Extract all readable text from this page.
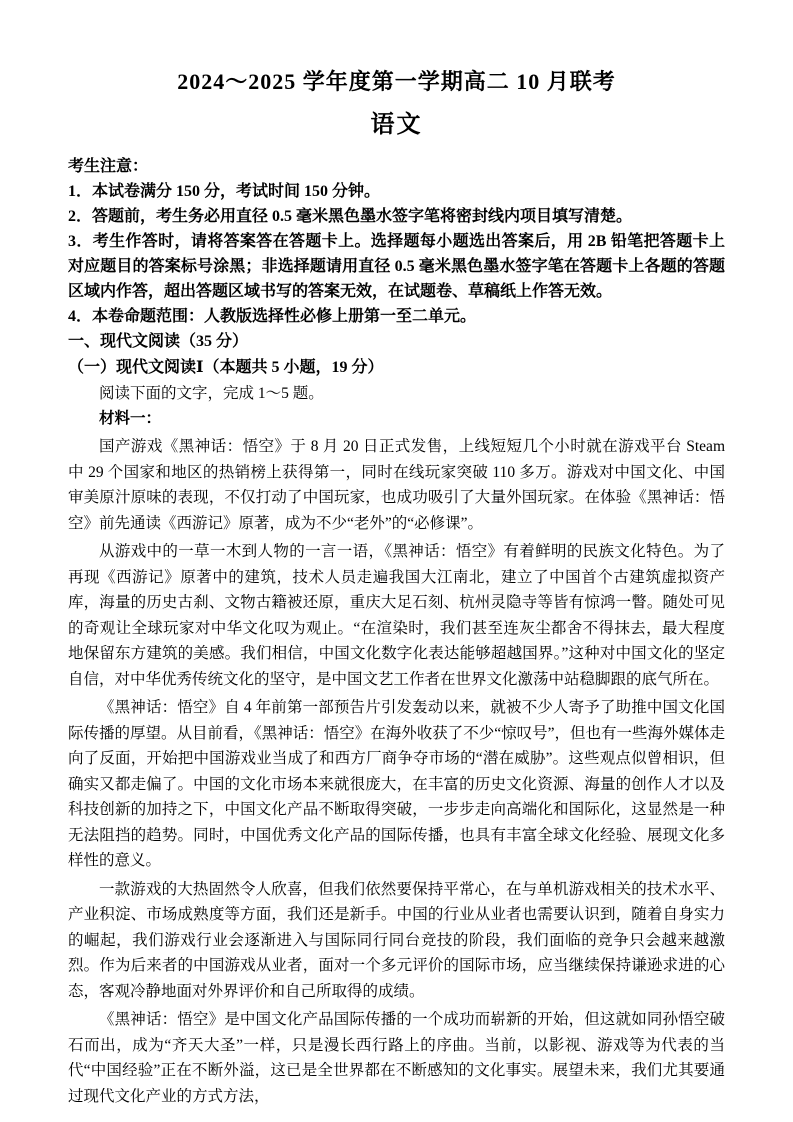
2024～2025 学年度第一学期高二 10 月联考
语文

考生注意：

1．本试卷满分 150 分，考试时间 150 分钟。

2．答题前，考生务必用直径 0.5 毫米黑色墨水签字笔将密封线内项目填写清楚。

3．考生作答时，请将答案答在答题卡上。选择题每小题选出答案后，用 2B 铅笔把答题卡上对应题目的答案标号涂黑；非选择题请用直径 0.5 毫米黑色墨水签字笔在答题卡上各题的答题区域内作答，超出答题区域书写的答案无效，在试题卷、草稿纸上作答无效。

4．本卷命题范围：人教版选择性必修上册第一至二单元。

一、现代文阅读（35 分）

（一）现代文阅读Ⅰ（本题共 5 小题，19 分）

阅读下面的文字，完成 1～5 题。

材料一：

国产游戏《黑神话：悟空》于 8 月 20 日正式发售，上线短短几个小时就在游戏平台 Steam 中 29 个国家和地区的热销榜上获得第一，同时在线玩家突破 110 多万。游戏对中国文化、中国审美原汁原味的表现，不仅打动了中国玩家，也成功吸引了大量外国玩家。在体验《黑神话：悟空》前先通读《西游记》原著，成为不少“老外”的“必修课”。

从游戏中的一草一木到人物的一言一语，《黑神话：悟空》有着鲜明的民族文化特色。为了再现《西游记》原著中的建筑，技术人员走遍我国大江南北，建立了中国首个古建筑虚拟资产库，海量的历史古刹、文物古籍被还原，重庆大足石刻、杭州灵隐寺等皆有惊鸿一瞥。随处可见的奇观让全球玩家对中华文化叹为观止。“在渲染时，我们甚至连灰尘都舍不得抹去，最大程度地保留东方建筑的美感。我们相信，中国文化数字化表达能够超越国界。”这种对中国文化的坚定自信，对中华优秀传统文化的坚守，是中国文艺工作者在世界文化激荡中站稳脚跟的底气所在。

《黑神话：悟空》自 4 年前第一部预告片引发轰动以来，就被不少人寄予了助推中国文化国际传播的厚望。从目前看，《黑神话：悟空》在海外收获了不少“惊叹号”，但也有一些海外媒体走向了反面，开始把中国游戏业当成了和西方厂商争夺市场的“潜在威胁”。这些观点似曾相识，但确实又都走偏了。中国的文化市场本来就很庞大，在丰富的历史文化资源、海量的创作人才以及科技创新的加持之下，中国文化产品不断取得突破，一步步走向高端化和国际化，这显然是一种无法阻挡的趋势。同时，中国优秀文化产品的国际传播，也具有丰富全球文化经验、展现文化多样性的意义。

一款游戏的大热固然令人欣喜，但我们依然要保持平常心，在与单机游戏相关的技术水平、产业积淀、市场成熟度等方面，我们还是新手。中国的行业从业者也需要认识到，随着自身实力的崛起，我们游戏行业会逐渐进入与国际同行同台竞技的阶段，我们面临的竞争只会越来越激烈。作为后来者的中国游戏从业者，面对一个多元评价的国际市场，应当继续保持谦逊求进的心态，客观冷静地面对外界评价和自己所取得的成绩。

《黑神话：悟空》是中国文化产品国际传播的一个成功而崭新的开始，但这就如同孙悟空破石而出，成为“齐天大圣”一样，只是漫长西行路上的序曲。当前，以影视、游戏等为代表的当代“中国经验”正在不断外溢，这已是全世界都在不断感知的文化事实。展望未来，我们尤其要通过现代文化产业的方式方法，
